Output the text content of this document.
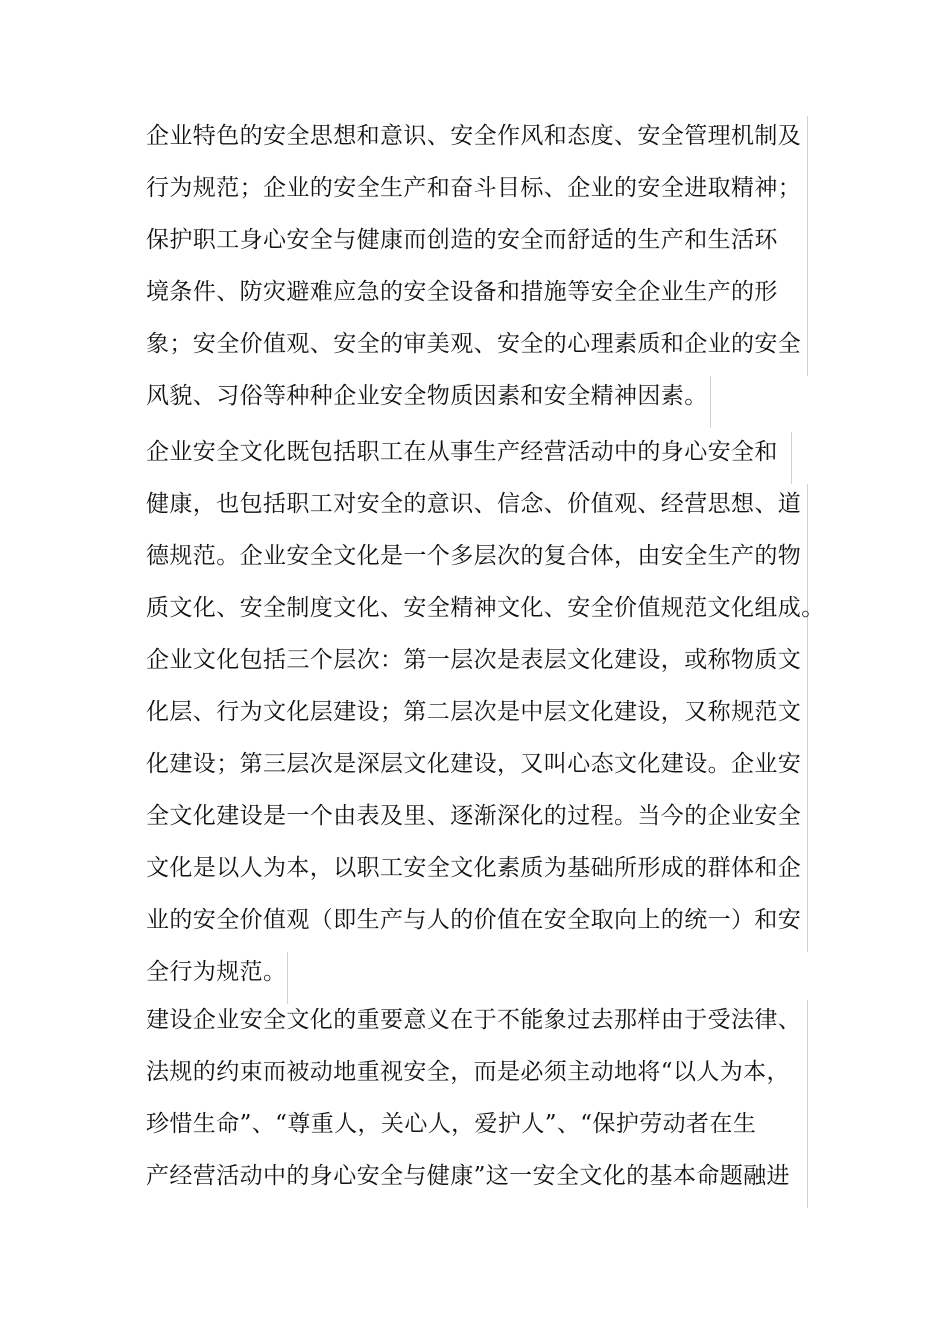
企业特色的安全思想和意识、安全作风和态度、安全管理机制及
行为规范；企业的安全生产和奋斗目标、企业的安全进取精神；
保护职工身心安全与健康而创造的安全而舒适的生产和生活环
境条件、防灾避难应急的安全设备和措施等安全企业生产的形
象；安全价值观、安全的审美观、安全的心理素质和企业的安全
风貌、习俗等种种企业安全物质因素和安全精神因素。
企业安全文化既包括职工在从事生产经营活动中的身心安全和
健康，也包括职工对安全的意识、信念、价值观、经营思想、道
德规范。企业安全文化是一个多层次的复合体，由安全生产的物
质文化、安全制度文化、安全精神文化、安全价值规范文化组成。
企业文化包括三个层次：第一层次是表层文化建设，或称物质文
化层、行为文化层建设；第二层次是中层文化建设，又称规范文
化建设；第三层次是深层文化建设，又叫心态文化建设。企业安
全文化建设是一个由表及里、逐渐深化的过程。当今的企业安全
文化是以人为本，以职工安全文化素质为基础所形成的群体和企
业的安全价值观（即生产与人的价值在安全取向上的统一）和安
全行为规范。
建设企业安全文化的重要意义在于不能象过去那样由于受法律、
法规的约束而被动地重视安全，而是必须主动地将“以人为本，
珍惜生命”、“尊重人，关心人，爱护人”、“保护劳动者在生
产经营活动中的身心安全与健康”这一安全文化的基本命题融进
